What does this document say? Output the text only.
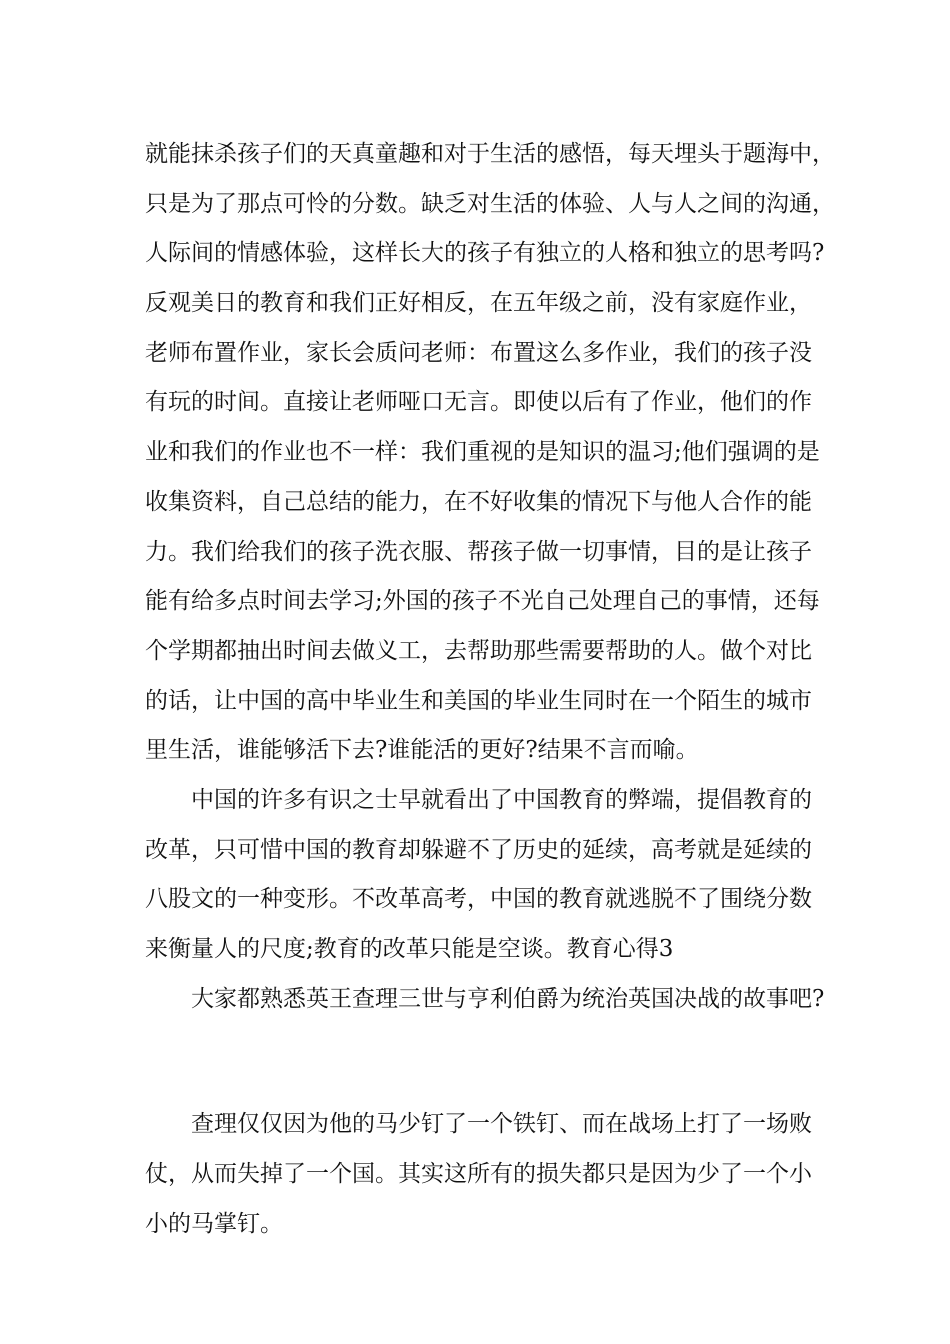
就能抹杀孩子们的天真童趣和对于生活的感悟，每天埋头于题海中，
只是为了那点可怜的分数。缺乏对生活的体验、人与人之间的沟通，
人际间的情感体验，这样长大的孩子有独立的人格和独立的思考吗?
反观美日的教育和我们正好相反，在五年级之前，没有家庭作业，
老师布置作业，家长会质问老师：布置这么多作业，我们的孩子没
有玩的时间。直接让老师哑口无言。即使以后有了作业，他们的作
业和我们的作业也不一样：我们重视的是知识的温习;他们强调的是
收集资料，自己总结的能力，在不好收集的情况下与他人合作的能
力。我们给我们的孩子洗衣服、帮孩子做一切事情，目的是让孩子
能有给多点时间去学习;外国的孩子不光自己处理自己的事情，还每
个学期都抽出时间去做义工，去帮助那些需要帮助的人。做个对比
的话，让中国的高中毕业生和美国的毕业生同时在一个陌生的城市
里生活，谁能够活下去?谁能活的更好?结果不言而喻。
中国的许多有识之士早就看出了中国教育的弊端，提倡教育的
改革，只可惜中国的教育却躲避不了历史的延续，高考就是延续的
八股文的一种变形。不改革高考，中国的教育就逃脱不了围绕分数
来衡量人的尺度;教育的改革只能是空谈。教育心得3
大家都熟悉英王查理三世与亨利伯爵为统治英国决战的故事吧?
查理仅仅因为他的马少钉了一个铁钉、而在战场上打了一场败
仗，从而失掉了一个国。其实这所有的损失都只是因为少了一个小
小的马掌钉。
